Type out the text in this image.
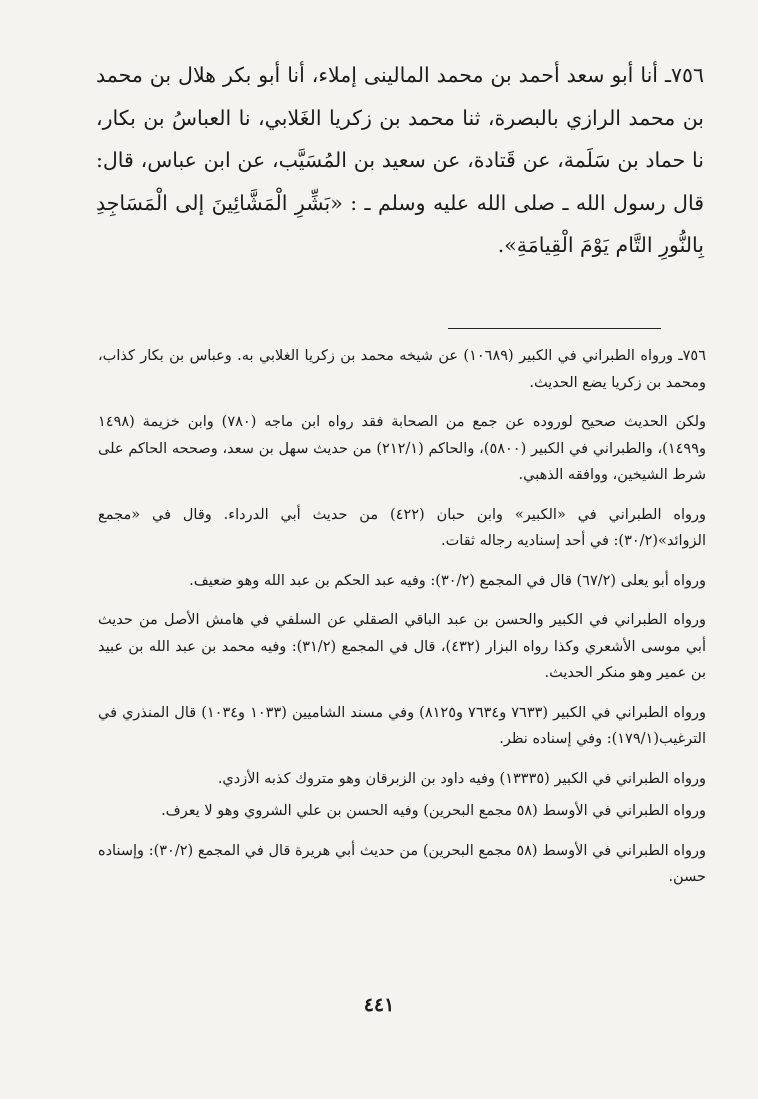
٧٥٦ـ أنا أبو سعد أحمد بن محمد المالينى إملاء، أنا أبو بكر هلال بن محمد بن محمد الرازي بالبصرة، ثنا محمد بن زكريا الغَلابي، نا العباسُ بن بكار، نا حماد بن سَلَمة، عن قَتادة، عن سعيد بن المُسَيَّب، عن ابن عباس، قال: قال رسول الله ـ صلى الله عليه وسلم ـ : «بَشِّرِ الْمَشَّائِينَ إلى الْمَسَاجِدِ بِالنُّورِ التَّام يَوْمَ الْقِيامَةِ».

٧٥٦ـ ورواه الطبراني في الكبير (١٠٦٨٩) عن شيخه محمد بن زكريا الغلابي به. وعباس بن بكار كذاب، ومحمد بن زكريا يضع الحديث.

ولكن الحديث صحيح لوروده عن جمع من الصحابة فقد رواه ابن ماجه (٧٨٠) وابن خزيمة (١٤٩٨ و١٤٩٩)، والطبراني في الكبير (٥٨٠٠)، والحاكم (٢١٢/١) من حديث سهل بن سعد، وصححه الحاكم على شرط الشيخين، ووافقه الذهبي.

ورواه الطبراني في «الكبير» وابن حبان (٤٢٢) من حديث أبي الدرداء. وقال في «مجمع الزوائد»(٣٠/٢): في أحد إسناديه رجاله ثقات.

ورواه أبو يعلى (٦٧/٢) قال في المجمع (٣٠/٢): وفيه عبد الحكم بن عبد الله وهو ضعيف.

ورواه الطبراني في الكبير والحسن بن عبد الباقي الصقلي عن السلفي في هامش الأصل من حديث أبي موسى الأشعري وكذا رواه البزار (٤٣٢)، قال في المجمع (٣١/٢): وفيه محمد بن عبد الله بن عبيد بن عمير وهو منكر الحديث.

ورواه الطبراني في الكبير (٧٦٣٣ و٧٦٣٤ و٨١٢٥) وفي مسند الشاميين (١٠٣٣ و١٠٣٤) قال المنذري في الترغيب(١٧٩/١): وفي إسناده نظر.

ورواه الطبراني في الكبير (١٣٣٣٥) وفيه داود بن الزبرقان وهو متروك كذبه الأزدي.

ورواه الطبراني في الأوسط (٥٨ مجمع البحرين) وفيه الحسن بن علي الشروي وهو لا يعرف.

ورواه الطبراني في الأوسط (٥٨ مجمع البحرين) من حديث أبي هريرة قال في المجمع (٣٠/٢): وإسناده حسن.

٤٤١
